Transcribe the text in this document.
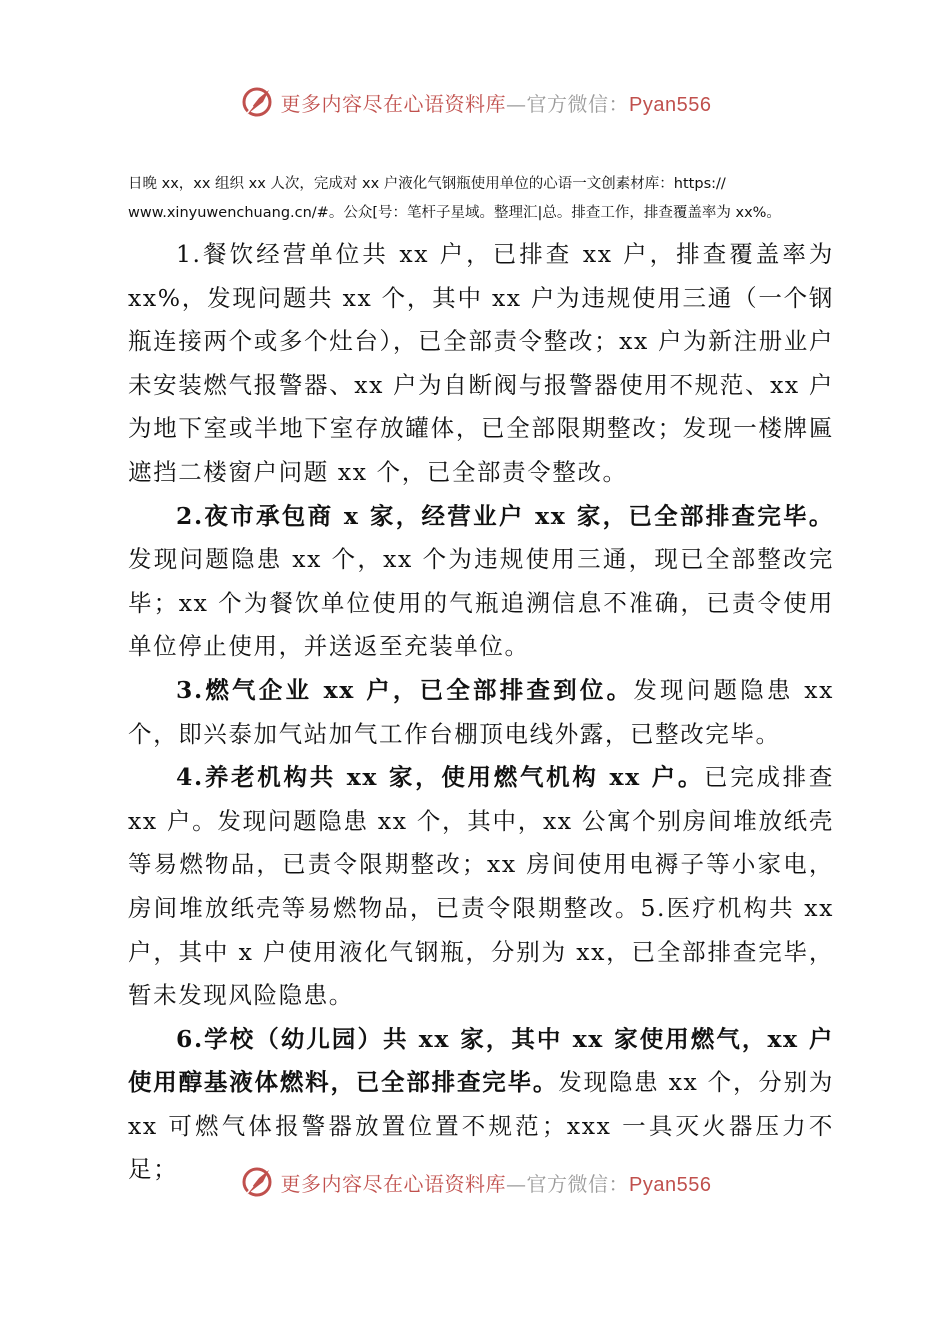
更多内容尽在心语资料库—官方微信：Pyan556
日晚 xx，xx 组织 xx 人次，完成对 xx 户液化气钢瓶使用单位的心语一文创素材库：https://
www.xinyuwenchuang.cn/#。公众[号：笔杆子星域。整理汇|总。排查工作，排查覆盖率为 xx%。

1.餐饮经营单位共 xx 户，已排查 xx 户，排查覆盖率为 xx%，发现问题共 xx 个，其中 xx 户为违规使用三通（一个钢瓶连接两个或多个灶台），已全部责令整改；xx 户为新注册业户未安装燃气报警器、xx 户为自断阀与报警器使用不规范、xx 户为地下室或半地下室存放罐体，已全部限期整改；发现一楼牌匾遮挡二楼窗户问题 xx 个，已全部责令整改。

2.夜市承包商 x 家，经营业户 xx 家，已全部排查完毕。发现问题隐患 xx 个，xx 个为违规使用三通，现已全部整改完毕；xx 个为餐饮单位使用的气瓶追溯信息不准确，已责令使用单位停止使用，并送返至充装单位。

3.燃气企业 xx 户，已全部排查到位。发现问题隐患 xx 个，即兴泰加气站加气工作台棚顶电线外露，已整改完毕。

4.养老机构共 xx 家，使用燃气机构 xx 户。已完成排查 xx 户。发现问题隐患 xx 个，其中，xx 公寓个别房间堆放纸壳等易燃物品，已责令限期整改；xx 房间使用电褥子等小家电，房间堆放纸壳等易燃物品，已责令限期整改。5.医疗机构共 xx 户，其中 x 户使用液化气钢瓶，分别为 xx，已全部排查完毕，暂未发现风险隐患。

6.学校（幼儿园）共 xx 家，其中 xx 家使用燃气，xx 户使用醇基液体燃料，已全部排查完毕。发现隐患 xx 个，分别为 xx 可燃气体报警器放置位置不规范；xxx 一具灭火器压力不足；

更多内容尽在心语资料库—官方微信：Pyan556
